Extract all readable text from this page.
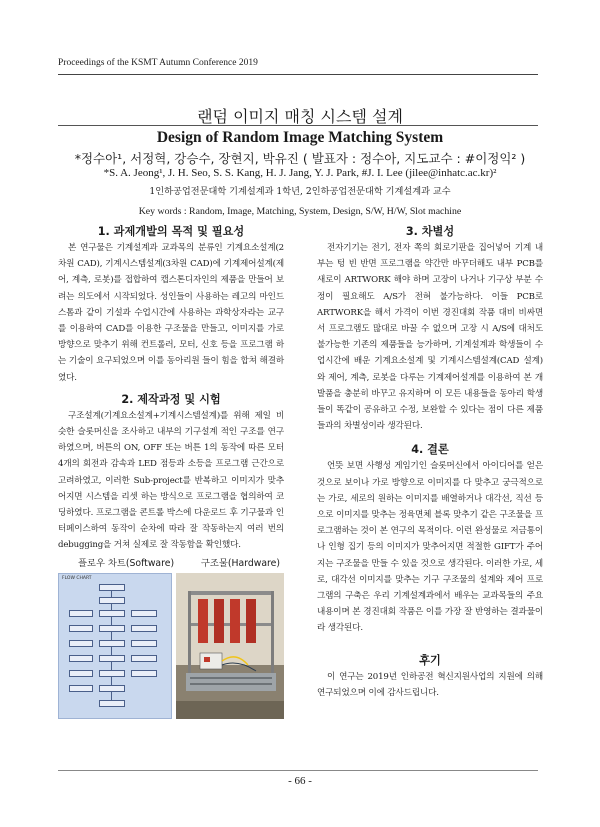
Proceedings of the KSMT Autumn Conference 2019
랜덤 이미지 매칭 시스템 설계
Design of Random Image Matching System
*정수아¹, 서정혁, 강승수, 장현지, 박유진 ( 발표자 : 정수아, 지도교수 : #이정익² )
*S. A. Jeong¹, J. H. Seo, S. S. Kang, H. J. Jang, Y. J. Park, #J. I. Lee (jilee@inhatc.ac.kr)²
1인하공업전문대학 기계설계과 1학년, 2인하공업전문대학 기계설계과 교수
Key words : Random, Image, Matching, System, Design, S/W, H/W, Slot machine
1. 과제개발의 목적 및 필요성

본 연구물은 기계설계과 교과목의 분류인 기계요소설계(2차원 CAD), 기계시스템설계(3차원 CAD)에 기계제어설계(제어, 계측, 로봇)를 접합하여 캡스톤디자인의 제품을 만들어 보려는 의도에서 시작되었다. 성인들이 사용하는 레고의 마인드 스톰과 같이 기설과 수업시간에 사용하는 과학상자라는 교구를 이용하여 CAD를 이용한 구조물을 만들고, 이미지를 가로 방향으로 맞추기 위해 컨트롤러, 모터, 신호 등을 프로그램 하는 기술이 요구되었으며 이를 동아리원 들이 힘을 합쳐 해결하였다.

2. 제작과정 및 시험

구조설계(기계요소설계+기계시스템설계)를 위해 제일 비슷한 슬롯머신을 조사하고 내부의 기구설계 적인 구조를 연구하였으며, 버튼의 ON, OFF 또는 버튼 1의 동작에 따른 모터 4개의 회전과 감속과 LED 점등과 소등을 프로그램 근간으로 고려하였고, 이러한 Sub-project를 반복하고 이미지가 맞추어지면 시스템을 리셋 하는 방식으로 프로그램을 협의하여 코딩하였다. 프로그램을 콘트롤 박스에 다운로드 후 기구물과 인터페이스하여 동작이 순차에 따라 잘 작동하는지 여러 번의 debugging을 거쳐 실제로 잘 작동함을 확인했다.

플로우 차트(Software)	구조물(Hardware)
FLOW CHART
3. 차별성

전자기기는 전기, 전자 쪽의 회로기판을 집어넣어 기계 내부는 텅 빈 반면 프로그램을 약간만 바꾸더해도 내부 PCB를 새로이 ARTWORK 해야 하며 고장이 나거나 기구상 부분 수정이 필요해도 A/S가 전혀 불가능하다. 이들 PCB로 ARTWORK을 해서 가격이 이번 경진대회 작품 대비 비싸면서 프로그램도 많대로 바꿀 수 없으며 고장 시 A/S에 대처도 불가능한 기존의 제품들을 능가하며, 기계설계과 학생들이 수업시간에 배운 기계요소설계 및 기계시스템설계(CAD 설계)와 제어, 계측, 로봇을 다루는 기계제어설계를 이용하여 본 개발품을 충분히 바꾸고 유지하며 이 모든 내용들을 동아리 학생들이 똑같이 공유하고 수정, 보완할 수 있다는 점이 다른 제품들과의 차별성이라 생각된다.

4. 결론

언뜻 보면 사행성 게임기인 슬롯머신에서 아이디어를 얻은 것으로 보이나 가로 방향으로 이미지를 다 맞추고 궁극적으로는 가로, 세로의 원하는 이미지를 배열하거나 대각선, 직선 등으로 이미지를 맞추는 정육면체 블록 맞추기 같은 구조물을 프로그램하는 것이 본 연구의 목적이다. 이런 완성물로 저금통이나 인형 집기 등의 이미지가 맞추어지면 적절한 GIFT가 주어지는 구조물을 만들 수 있을 것으로 생각된다. 이러한 가로, 세로, 대각선 이미지를 맞추는 기구 구조물의 설계와 제어 프로그램의 구축은 우리 기계설계과에서 배우는 교과목들의 주요 내용이며 본 경진대회 작품은 이를 가장 잘 반영하는 결과물이라 생각된다.

후기

이 연구는 2019년 인하공전 혁신지원사업의 지원에 의해 연구되었으며 이에 감사드립니다.

- 66 -
